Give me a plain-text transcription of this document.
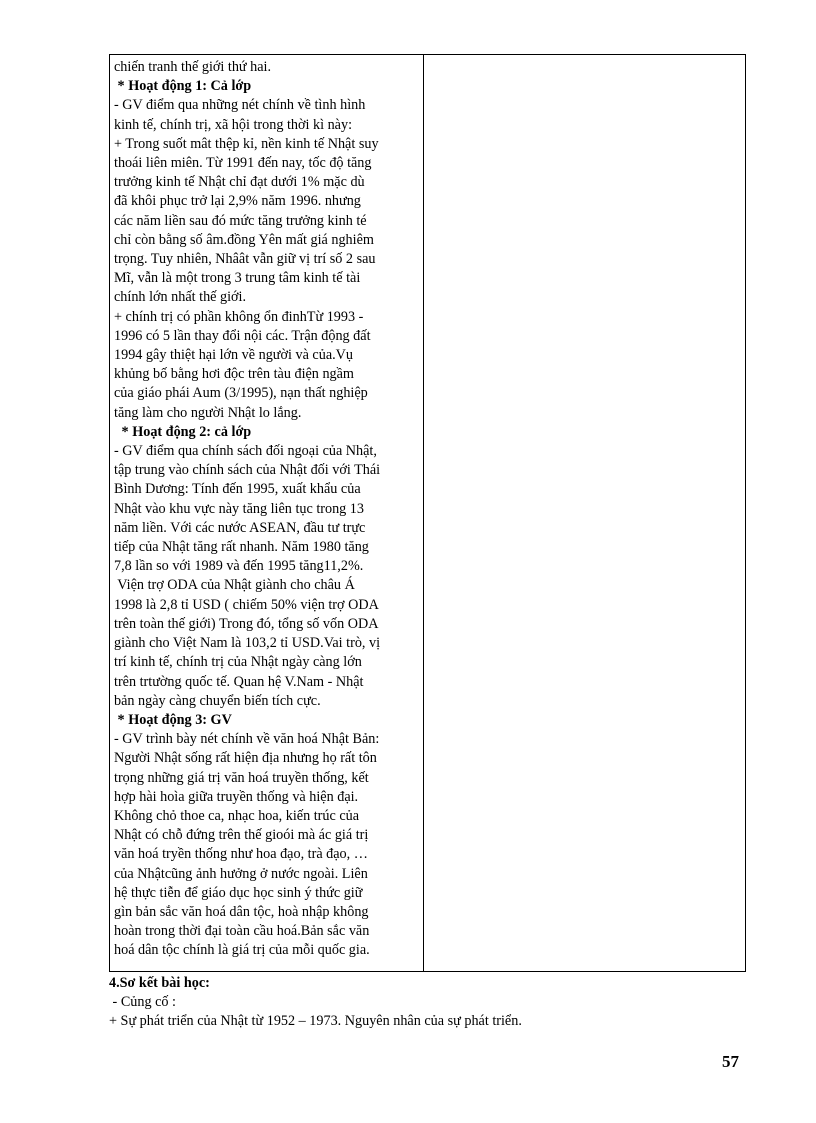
chiến tranh thế giới thứ hai.

* Hoạt động 1: Cả lớp

- GV điểm qua những nét chính về tình hình

kinh tế, chính trị, xã hội trong thời kì này:

+ Trong suốt mât thệp kỉ, nền kinh tế Nhật suy

thoái liên miên. Từ 1991 đến nay, tốc độ tăng

trưởng kinh tế Nhật chỉ đạt dưới 1% mặc dù

đã khôi phục trở lại 2,9% năm 1996. nhưng

các năm liền sau đó mức tăng trưởng kinh té

chỉ còn bằng số âm.đồng Yên mất giá nghiêm

trọng. Tuy nhiên, Nhâât vẫn giữ vị trí số 2 sau

Mĩ, vẫn là một trong 3 trung tâm kinh tế tài

chính lớn nhất thế giới.

+ chính trị có phần không ổn đinhTừ 1993 -

1996 có 5 lần thay đổi nội các. Trận động đất

1994 gây thiệt hại lớn về người và của.Vụ

khủng bố bằng hơi độc trên tàu điện ngầm

của giáo phái Aum (3/1995), nạn thất nghiệp

tăng làm cho người Nhật lo lắng.

* Hoạt động 2: cả lớp

- GV điểm qua chính sách đối ngoại của Nhật,

tập trung vào chính sách của Nhật đối với Thái

Bình Dương: Tính đến 1995, xuất khẩu của

Nhật vào khu vực này tăng liên tục trong 13

năm liền. Với các nước ASEAN, đầu tư trực

tiếp của Nhật tăng rất nhanh. Năm 1980 tăng

7,8 lần so với 1989 và đến 1995 tăng11,2%.

Viện trợ ODA của Nhật giành cho châu Á

1998 là 2,8 tỉ USD ( chiếm 50% viện trợ ODA

trên toàn thế giới) Trong đó, tổng số vốn ODA

giành cho Việt Nam là 103,2 tỉ USD.Vai trò, vị

trí kinh tế, chính trị của Nhật ngày càng lớn

trên trtường quốc tế. Quan hệ V.Nam - Nhật

bản ngày càng chuyển biến tích cực.

* Hoạt động 3: GV

- GV trình bày nét chính về văn hoá Nhật Bản:

Người Nhật sống rất hiện địa nhưng họ rất tôn

trọng những giá trị văn hoá truyền thống, kết

hợp hài hoìa giữa truyền thống và hiện đại.

Không chỏ thoe ca, nhạc hoa, kiến trúc của

Nhật có chỗ đứng trên thế gioói mà ác giá trị

văn hoá tryền thống như hoa đạo, trà đạo, …

của Nhậtcũng ảnh hưởng ở nước ngoài. Liên

hệ thực tiễn để giáo dục học sinh ý thức giữ

gìn bản sắc văn hoá dân tộc, hoà nhập không

hoàn trong thời đại toàn cầu hoá.Bản sắc văn

hoá dân tộc chính là giá trị của mỗi quốc gia.

4.Sơ kết bài học:

- Củng cố :

+ Sự phát triển của Nhật từ 1952 – 1973. Nguyên nhân của sự phát triển.

57
